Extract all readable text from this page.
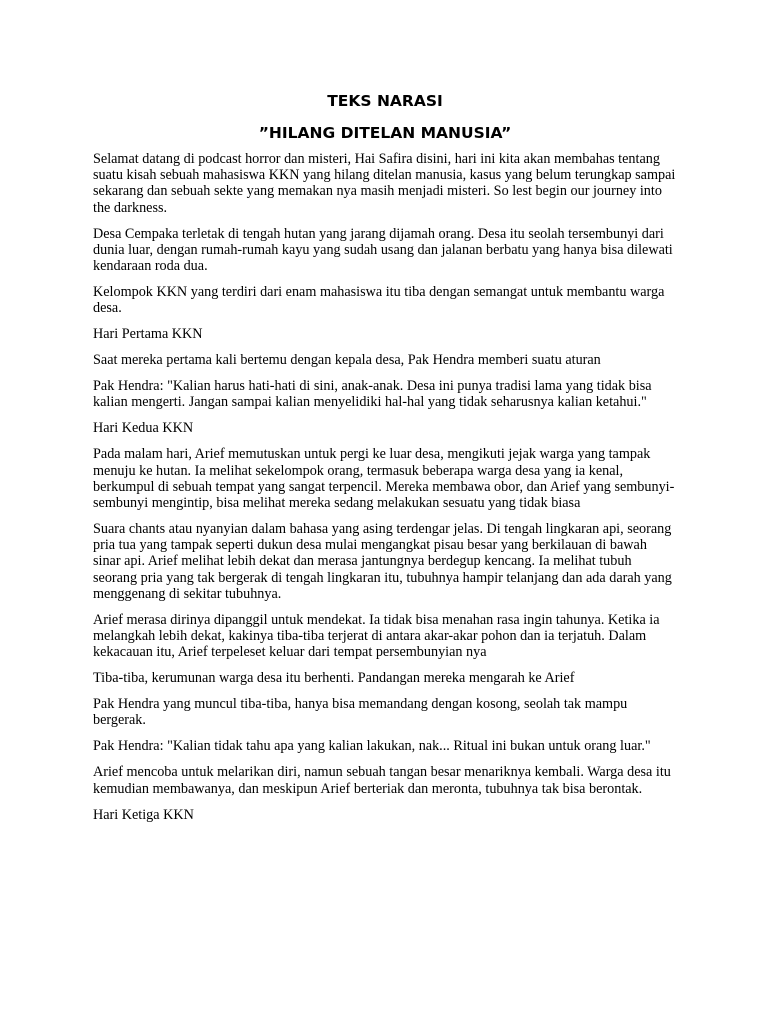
TEKS NARASI
”HILANG DITELAN MANUSIA”

Selamat datang di podcast horror dan misteri, Hai Safira disini, hari ini kita akan membahas tentang suatu kisah sebuah mahasiswa KKN yang hilang ditelan manusia, kasus yang belum terungkap sampai sekarang dan sebuah sekte yang memakan nya masih menjadi misteri. So lest begin our journey into the darkness.

Desa Cempaka terletak di tengah hutan yang jarang dijamah orang. Desa itu seolah tersembunyi dari dunia luar, dengan rumah-rumah kayu yang sudah usang dan jalanan berbatu yang hanya bisa dilewati kendaraan roda dua.

Kelompok KKN yang terdiri dari enam mahasiswa itu tiba dengan semangat untuk membantu warga desa.

Hari Pertama KKN

Saat mereka pertama kali bertemu dengan kepala desa, Pak Hendra memberi suatu aturan

Pak Hendra: "Kalian harus hati-hati di sini, anak-anak. Desa ini punya tradisi lama yang tidak bisa kalian mengerti. Jangan sampai kalian menyelidiki hal-hal yang tidak seharusnya kalian ketahui."

Hari Kedua KKN

Pada malam hari, Arief memutuskan untuk pergi ke luar desa, mengikuti jejak warga yang tampak menuju ke hutan. Ia melihat sekelompok orang, termasuk beberapa warga desa yang ia kenal, berkumpul di sebuah tempat yang sangat terpencil. Mereka membawa obor, dan Arief yang sembunyi-sembunyi mengintip, bisa melihat mereka sedang melakukan sesuatu yang tidak biasa

Suara chants atau nyanyian dalam bahasa yang asing terdengar jelas. Di tengah lingkaran api, seorang pria tua yang tampak seperti dukun desa mulai mengangkat pisau besar yang berkilauan di bawah sinar api. Arief melihat lebih dekat dan merasa jantungnya berdegup kencang. Ia melihat tubuh seorang pria yang tak bergerak di tengah lingkaran itu, tubuhnya hampir telanjang dan ada darah yang menggenang di sekitar tubuhnya.

Arief merasa dirinya dipanggil untuk mendekat. Ia tidak bisa menahan rasa ingin tahunya. Ketika ia melangkah lebih dekat, kakinya tiba-tiba terjerat di antara akar-akar pohon dan ia terjatuh. Dalam kekacauan itu, Arief terpeleset keluar dari tempat persembunyian nya

Tiba-tiba, kerumunan warga desa itu berhenti. Pandangan mereka mengarah ke Arief

Pak Hendra yang muncul tiba-tiba, hanya bisa memandang dengan kosong, seolah tak mampu bergerak.

Pak Hendra: "Kalian tidak tahu apa yang kalian lakukan, nak... Ritual ini bukan untuk orang luar."

Arief mencoba untuk melarikan diri, namun sebuah tangan besar menariknya kembali. Warga desa itu kemudian membawanya, dan meskipun Arief berteriak dan meronta, tubuhnya tak bisa berontak.

Hari Ketiga KKN
